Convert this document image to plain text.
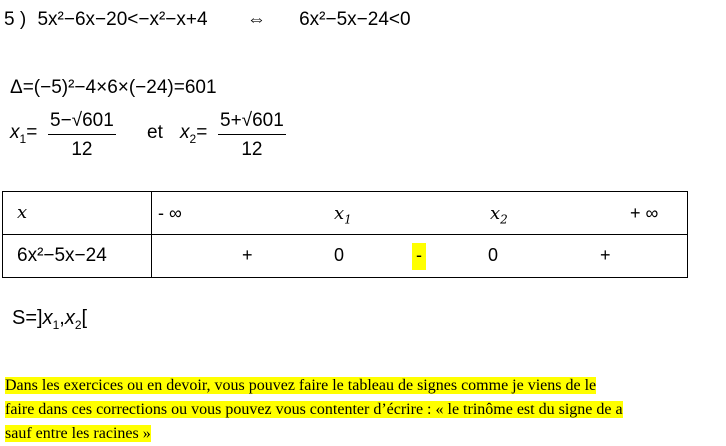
5 ) 5x²−6x−20<−x²−x+4 ⇔ 6x²−5x−24<0
Δ=(−5)²−4×6×(−24)=601
$x_1= \frac{5-√601}{12}$ et $x_2= \frac{5+√601}{12}$
x	- ∞ $x_1$ $x_2$ + ∞

6x²−5x−24	+ 0 - 0 +
$S=]x_1,x_2$[
Dans les exercices ou en devoir, vous pouvez faire le tableau de signes comme je viens de le
faire dans ces corrections ou vous pouvez vous contenter d’écrire : « le trinôme est du signe de a
sauf entre les racines »
